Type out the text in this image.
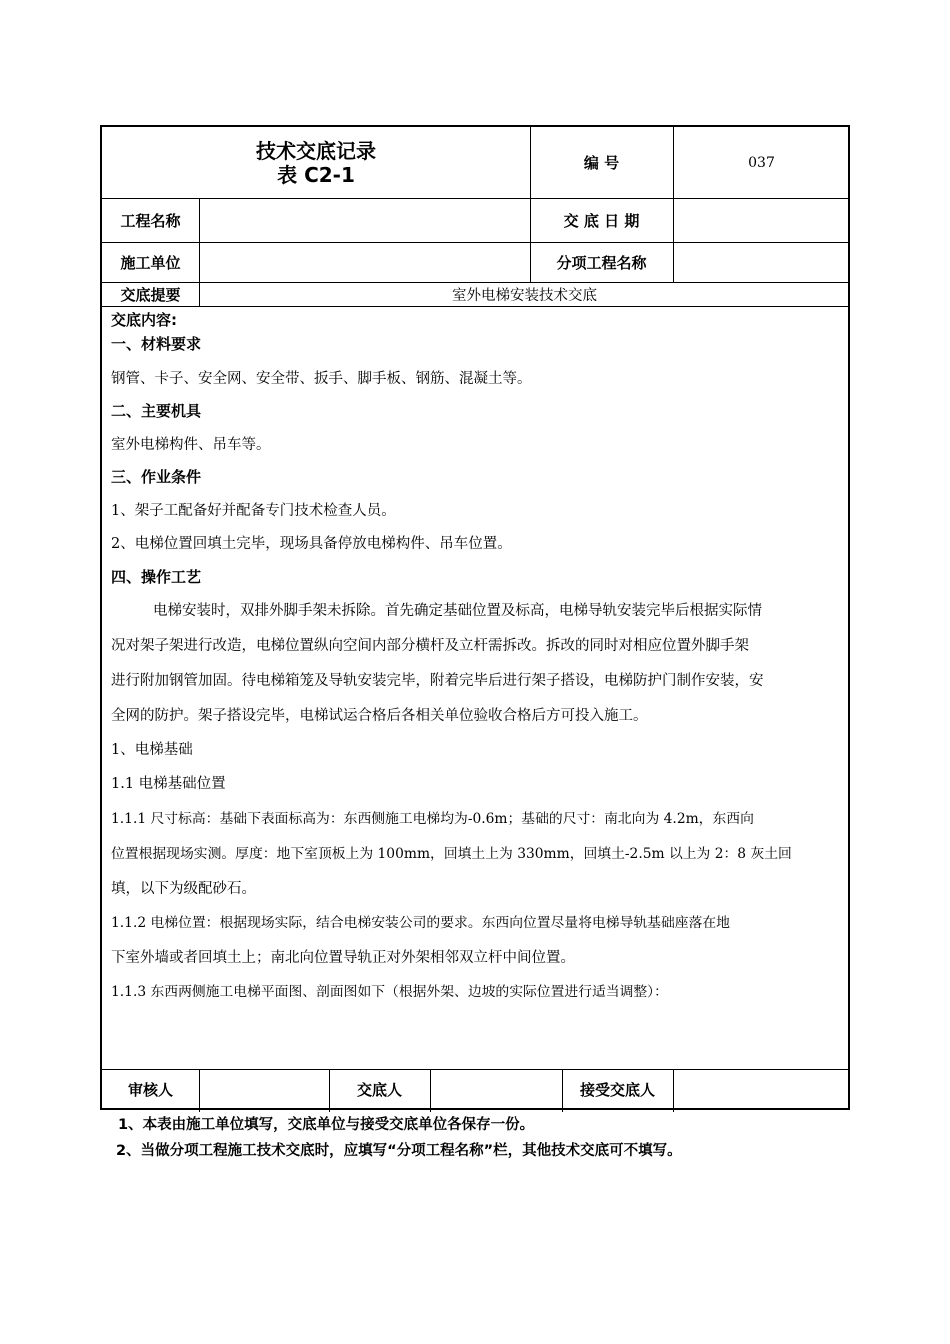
技术交底记录
表 C2-1	编 号	037
工程名称	交 底 日 期
施工单位	分项工程名称
交底提要	室外电梯安装技术交底

交底内容:

一、材料要求

钢管、卡子、安全网、安全带、扳手、脚手板、钢筋、混凝土等。

二、主要机具

室外电梯构件、吊车等。

三、作业条件

1、架子工配备好并配备专门技术检查人员。

2、电梯位置回填土完毕，现场具备停放电梯构件、吊车位置。

四、操作工艺

电梯安装时，双排外脚手架未拆除。首先确定基础位置及标高，电梯导轨安装完毕后根据实际情

况对架子架进行改造，电梯位置纵向空间内部分横杆及立杆需拆改。拆改的同时对相应位置外脚手架

进行附加钢管加固。待电梯箱笼及导轨安装完毕，附着完毕后进行架子搭设，电梯防护门制作安装，安

全网的防护。架子搭设完毕，电梯试运合格后各相关单位验收合格后方可投入施工。

1、电梯基础

1.1 电梯基础位置

1.1.1 尺寸标高：基础下表面标高为：东西侧施工电梯均为-0.6m；基础的尺寸：南北向为 4.2m，东西向

位置根据现场实测。厚度：地下室顶板上为 100mm，回填土上为 330mm，回填土-2.5m 以上为 2：8 灰土回

填，以下为级配砂石。

1.1.2 电梯位置：根据现场实际，结合电梯安装公司的要求。东西向位置尽量将电梯导轨基础座落在地

下室外墙或者回填土上；南北向位置导轨正对外架相邻双立杆中间位置。

1.1.3 东西两侧施工电梯平面图、剖面图如下（根据外架、边坡的实际位置进行适当调整）：

审核人	交底人	接受交底人
1、本表由施工单位填写，交底单位与接受交底单位各保存一份。
2、当做分项工程施工技术交底时，应填写“分项工程名称”栏，其他技术交底可不填写。
